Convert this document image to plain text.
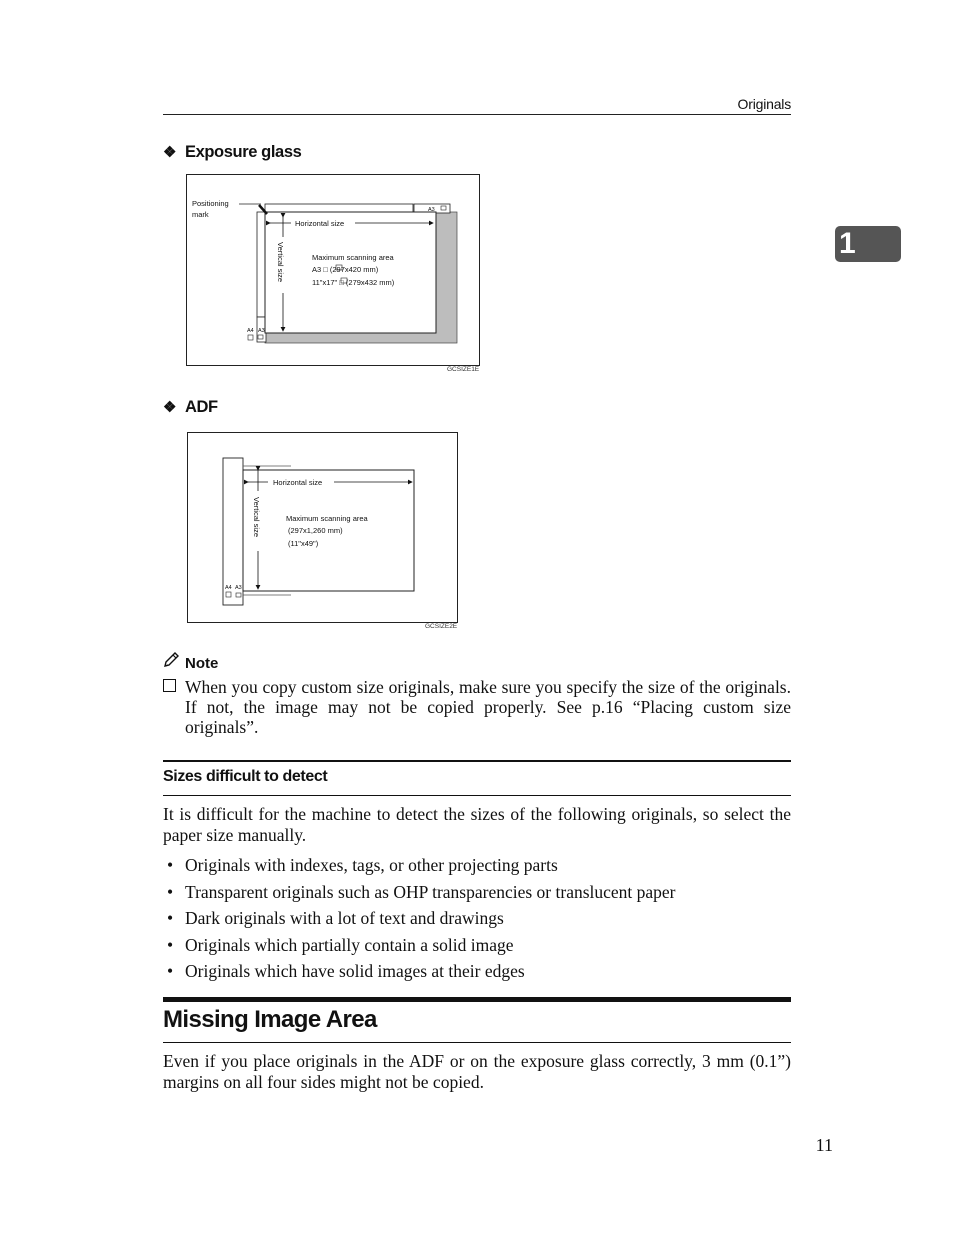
Originals
1
❖ Exposure glass
Positioning
mark
Horizontal size
Vertical size	Maximum scanning area
A3 □ (297x420 mm)
11"x17" □ (279x432 mm)
A3
A4 A3
GCSIZE1E
❖ ADF
Horizontal size
Vertical size	Maximum scanning area
(297x1,260 mm)
(11"x49")
A4 A3
GCSIZE2E
Note
When you copy custom size originals, make sure you specify the size of the originals. If not, the image may not be copied properly. See p.16 “Placing custom size originals”.
Sizes difficult to detect
It is difficult for the machine to detect the sizes of the following originals, so select the paper size manually.
• Originals with indexes, tags, or other projecting parts
• Transparent originals such as OHP transparencies or translucent paper
• Dark originals with a lot of text and drawings
• Originals which partially contain a solid image
• Originals which have solid images at their edges
Missing Image Area
Even if you place originals in the ADF or on the exposure glass correctly, 3 mm (0.1”) margins on all four sides might not be copied.
11
